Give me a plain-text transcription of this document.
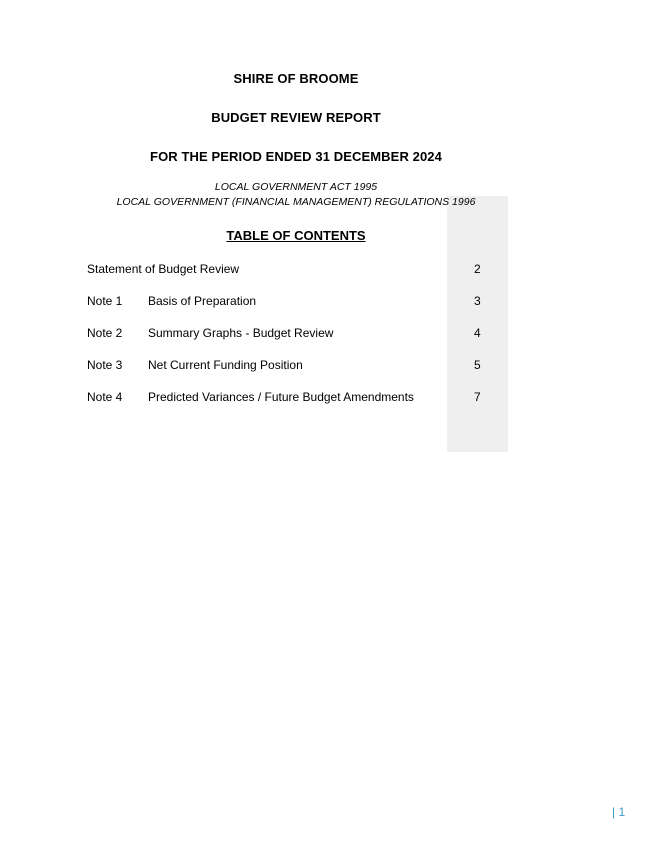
SHIRE OF BROOME
BUDGET REVIEW REPORT
FOR THE PERIOD ENDED 31 DECEMBER 2024
LOCAL GOVERNMENT ACT 1995
LOCAL GOVERNMENT (FINANCIAL MANAGEMENT) REGULATIONS 1996
TABLE OF CONTENTS
Statement of Budget Review	2
Note 1 Basis of Preparation	3
Note 2 Summary Graphs - Budget Review	4
Note 3 Net Current Funding Position	5
Note 4 Predicted Variances / Future Budget Amendments	7
| 1
